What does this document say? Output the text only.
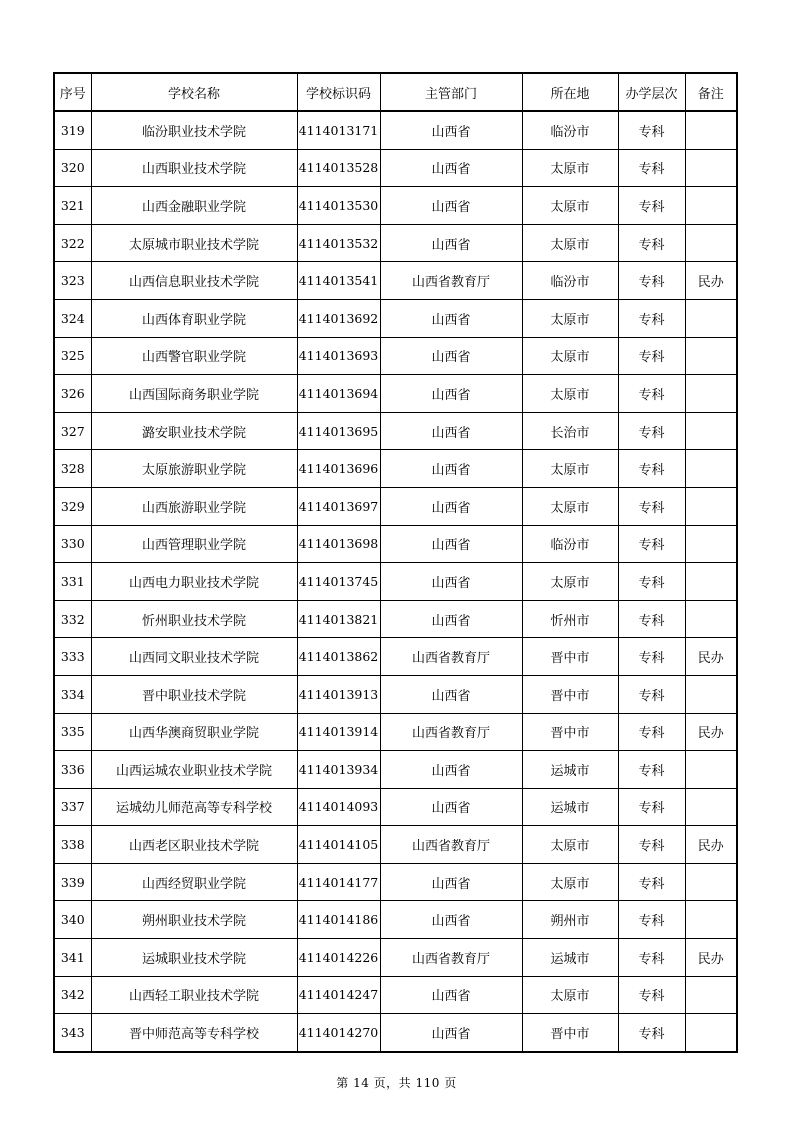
序号	学校名称	学校标识码	主管部门	所在地	办学层次	备注
319	临汾职业技术学院	4114013171	山西省	临汾市	专科	
320	山西职业技术学院	4114013528	山西省	太原市	专科	
321	山西金融职业学院	4114013530	山西省	太原市	专科	
322	太原城市职业技术学院	4114013532	山西省	太原市	专科	
323	山西信息职业技术学院	4114013541	山西省教育厅	临汾市	专科	民办
324	山西体育职业学院	4114013692	山西省	太原市	专科	
325	山西警官职业学院	4114013693	山西省	太原市	专科	
326	山西国际商务职业学院	4114013694	山西省	太原市	专科	
327	潞安职业技术学院	4114013695	山西省	长治市	专科	
328	太原旅游职业学院	4114013696	山西省	太原市	专科	
329	山西旅游职业学院	4114013697	山西省	太原市	专科	
330	山西管理职业学院	4114013698	山西省	临汾市	专科	
331	山西电力职业技术学院	4114013745	山西省	太原市	专科	
332	忻州职业技术学院	4114013821	山西省	忻州市	专科	
333	山西同文职业技术学院	4114013862	山西省教育厅	晋中市	专科	民办
334	晋中职业技术学院	4114013913	山西省	晋中市	专科	
335	山西华澳商贸职业学院	4114013914	山西省教育厅	晋中市	专科	民办
336	山西运城农业职业技术学院	4114013934	山西省	运城市	专科	
337	运城幼儿师范高等专科学校	4114014093	山西省	运城市	专科	
338	山西老区职业技术学院	4114014105	山西省教育厅	太原市	专科	民办
339	山西经贸职业学院	4114014177	山西省	太原市	专科	
340	朔州职业技术学院	4114014186	山西省	朔州市	专科	
341	运城职业技术学院	4114014226	山西省教育厅	运城市	专科	民办
342	山西轻工职业技术学院	4114014247	山西省	太原市	专科	
343	晋中师范高等专科学校	4114014270	山西省	晋中市	专科	
第 14 页，共 110 页
